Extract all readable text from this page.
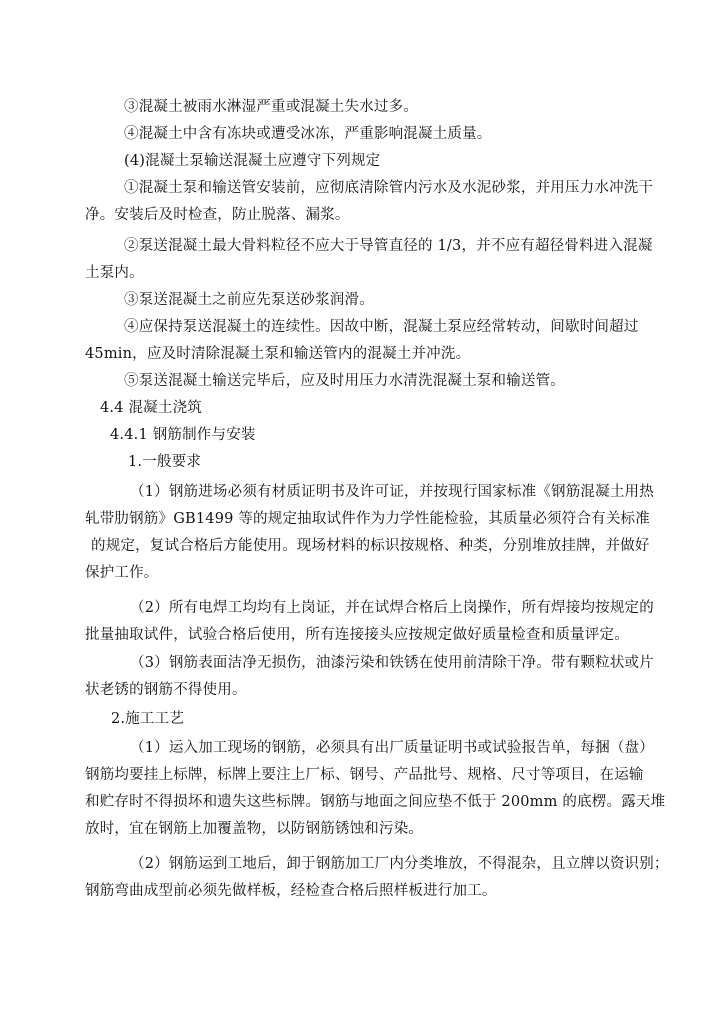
③混凝土被雨水淋湿严重或混凝土失水过多。
④混凝土中含有冻块或遭受冰冻，严重影响混凝土质量。
(4)混凝土泵输送混凝土应遵守下列规定
①混凝土泵和输送管安装前，应彻底清除管内污水及水泥砂浆，并用压力水冲洗干
净。安装后及时检查，防止脱落、漏浆。
②泵送混凝土最大骨料粒径不应大于导管直径的 1/3，并不应有超径骨料进入混凝
土泵内。
③泵送混凝土之前应先泵送砂浆润滑。
④应保持泵送混凝土的连续性。因故中断，混凝土泵应经常转动，间歇时间超过
45min，应及时清除混凝土泵和输送管内的混凝土并冲洗。
⑤泵送混凝土输送完毕后，应及时用压力水清洗混凝土泵和输送管。
4.4 混凝土浇筑
4.4.1 钢筋制作与安装
1.一般要求
（1）钢筋进场必须有材质证明书及许可证，并按现行国家标准《钢筋混凝土用热
轧带肋钢筋》GB1499 等的规定抽取试件作为力学性能检验，其质量必须符合有关标准
的规定，复试合格后方能使用。现场材料的标识按规格、种类，分别堆放挂牌，并做好
保护工作。
（2）所有电焊工均均有上岗证，并在试焊合格后上岗操作，所有焊接均按规定的
批量抽取试件，试验合格后使用，所有连接接头应按规定做好质量检查和质量评定。
（3）钢筋表面洁净无损伤，油漆污染和铁锈在使用前清除干净。带有颗粒状或片
状老锈的钢筋不得使用。
2.施工工艺
（1）运入加工现场的钢筋，必须具有出厂质量证明书或试验报告单，每捆（盘）
钢筋均要挂上标牌，标牌上要注上厂标、钢号、产品批号、规格、尺寸等项目，在运输
和贮存时不得损坏和遗失这些标牌。钢筋与地面之间应垫不低于 200mm 的底楞。露天堆
放时，宜在钢筋上加覆盖物，以防钢筋锈蚀和污染。
（2）钢筋运到工地后，卸于钢筋加工厂内分类堆放，不得混杂，且立牌以资识别；
钢筋弯曲成型前必须先做样板，经检查合格后照样板进行加工。
